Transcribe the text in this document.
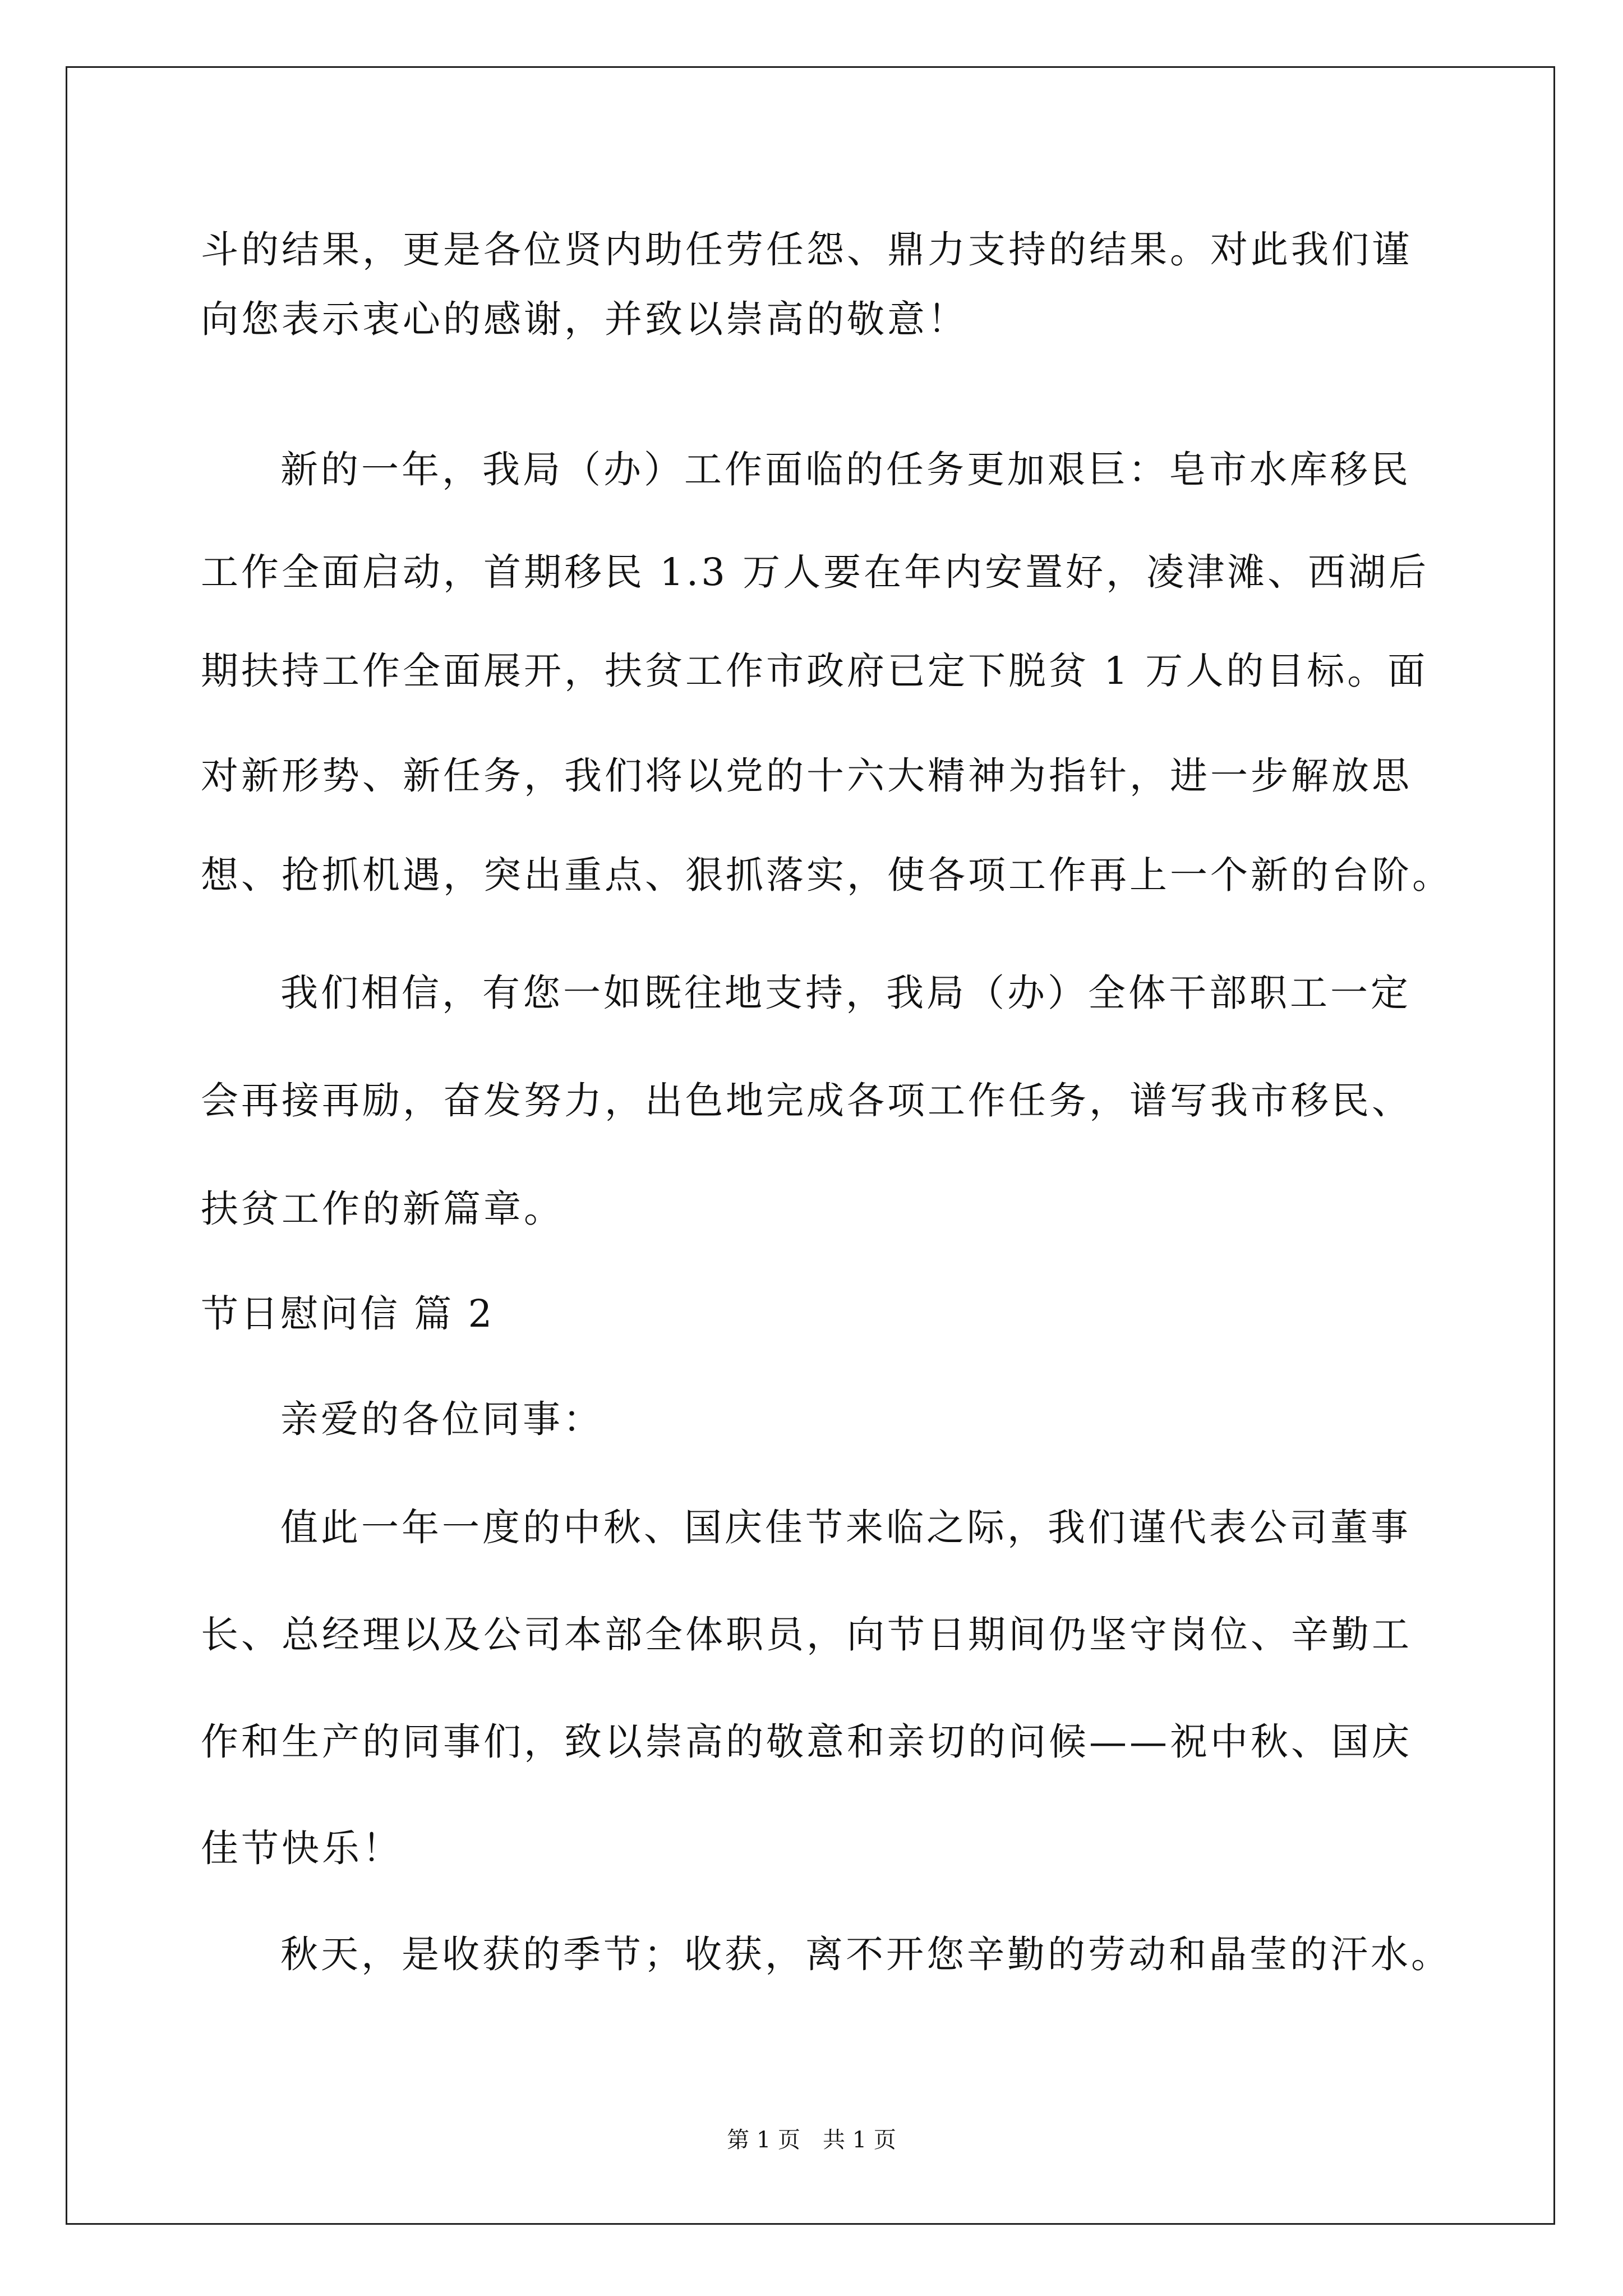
斗的结果，更是各位贤内助任劳任怨、鼎力支持的结果。对此我们谨
向您表示衷心的感谢，并致以崇高的敬意！
新的一年，我局（办）工作面临的任务更加艰巨：皂市水库移民
工作全面启动，首期移民 1.3 万人要在年内安置好，凌津滩、西湖后
期扶持工作全面展开，扶贫工作市政府已定下脱贫 1 万人的目标。面
对新形势、新任务，我们将以党的十六大精神为指针，进一步解放思
想、抢抓机遇，突出重点、狠抓落实，使各项工作再上一个新的台阶。
我们相信，有您一如既往地支持，我局（办）全体干部职工一定
会再接再励，奋发努力，出色地完成各项工作任务，谱写我市移民、
扶贫工作的新篇章。
节日慰问信 篇 2
亲爱的各位同事：
值此一年一度的中秋、国庆佳节来临之际，我们谨代表公司董事
长、总经理以及公司本部全体职员，向节日期间仍坚守岗位、辛勤工
作和生产的同事们，致以崇高的敬意和亲切的问候——祝中秋、国庆
佳节快乐！
秋天，是收获的季节；收获，离不开您辛勤的劳动和晶莹的汗水。
第 1 页 共 1 页
